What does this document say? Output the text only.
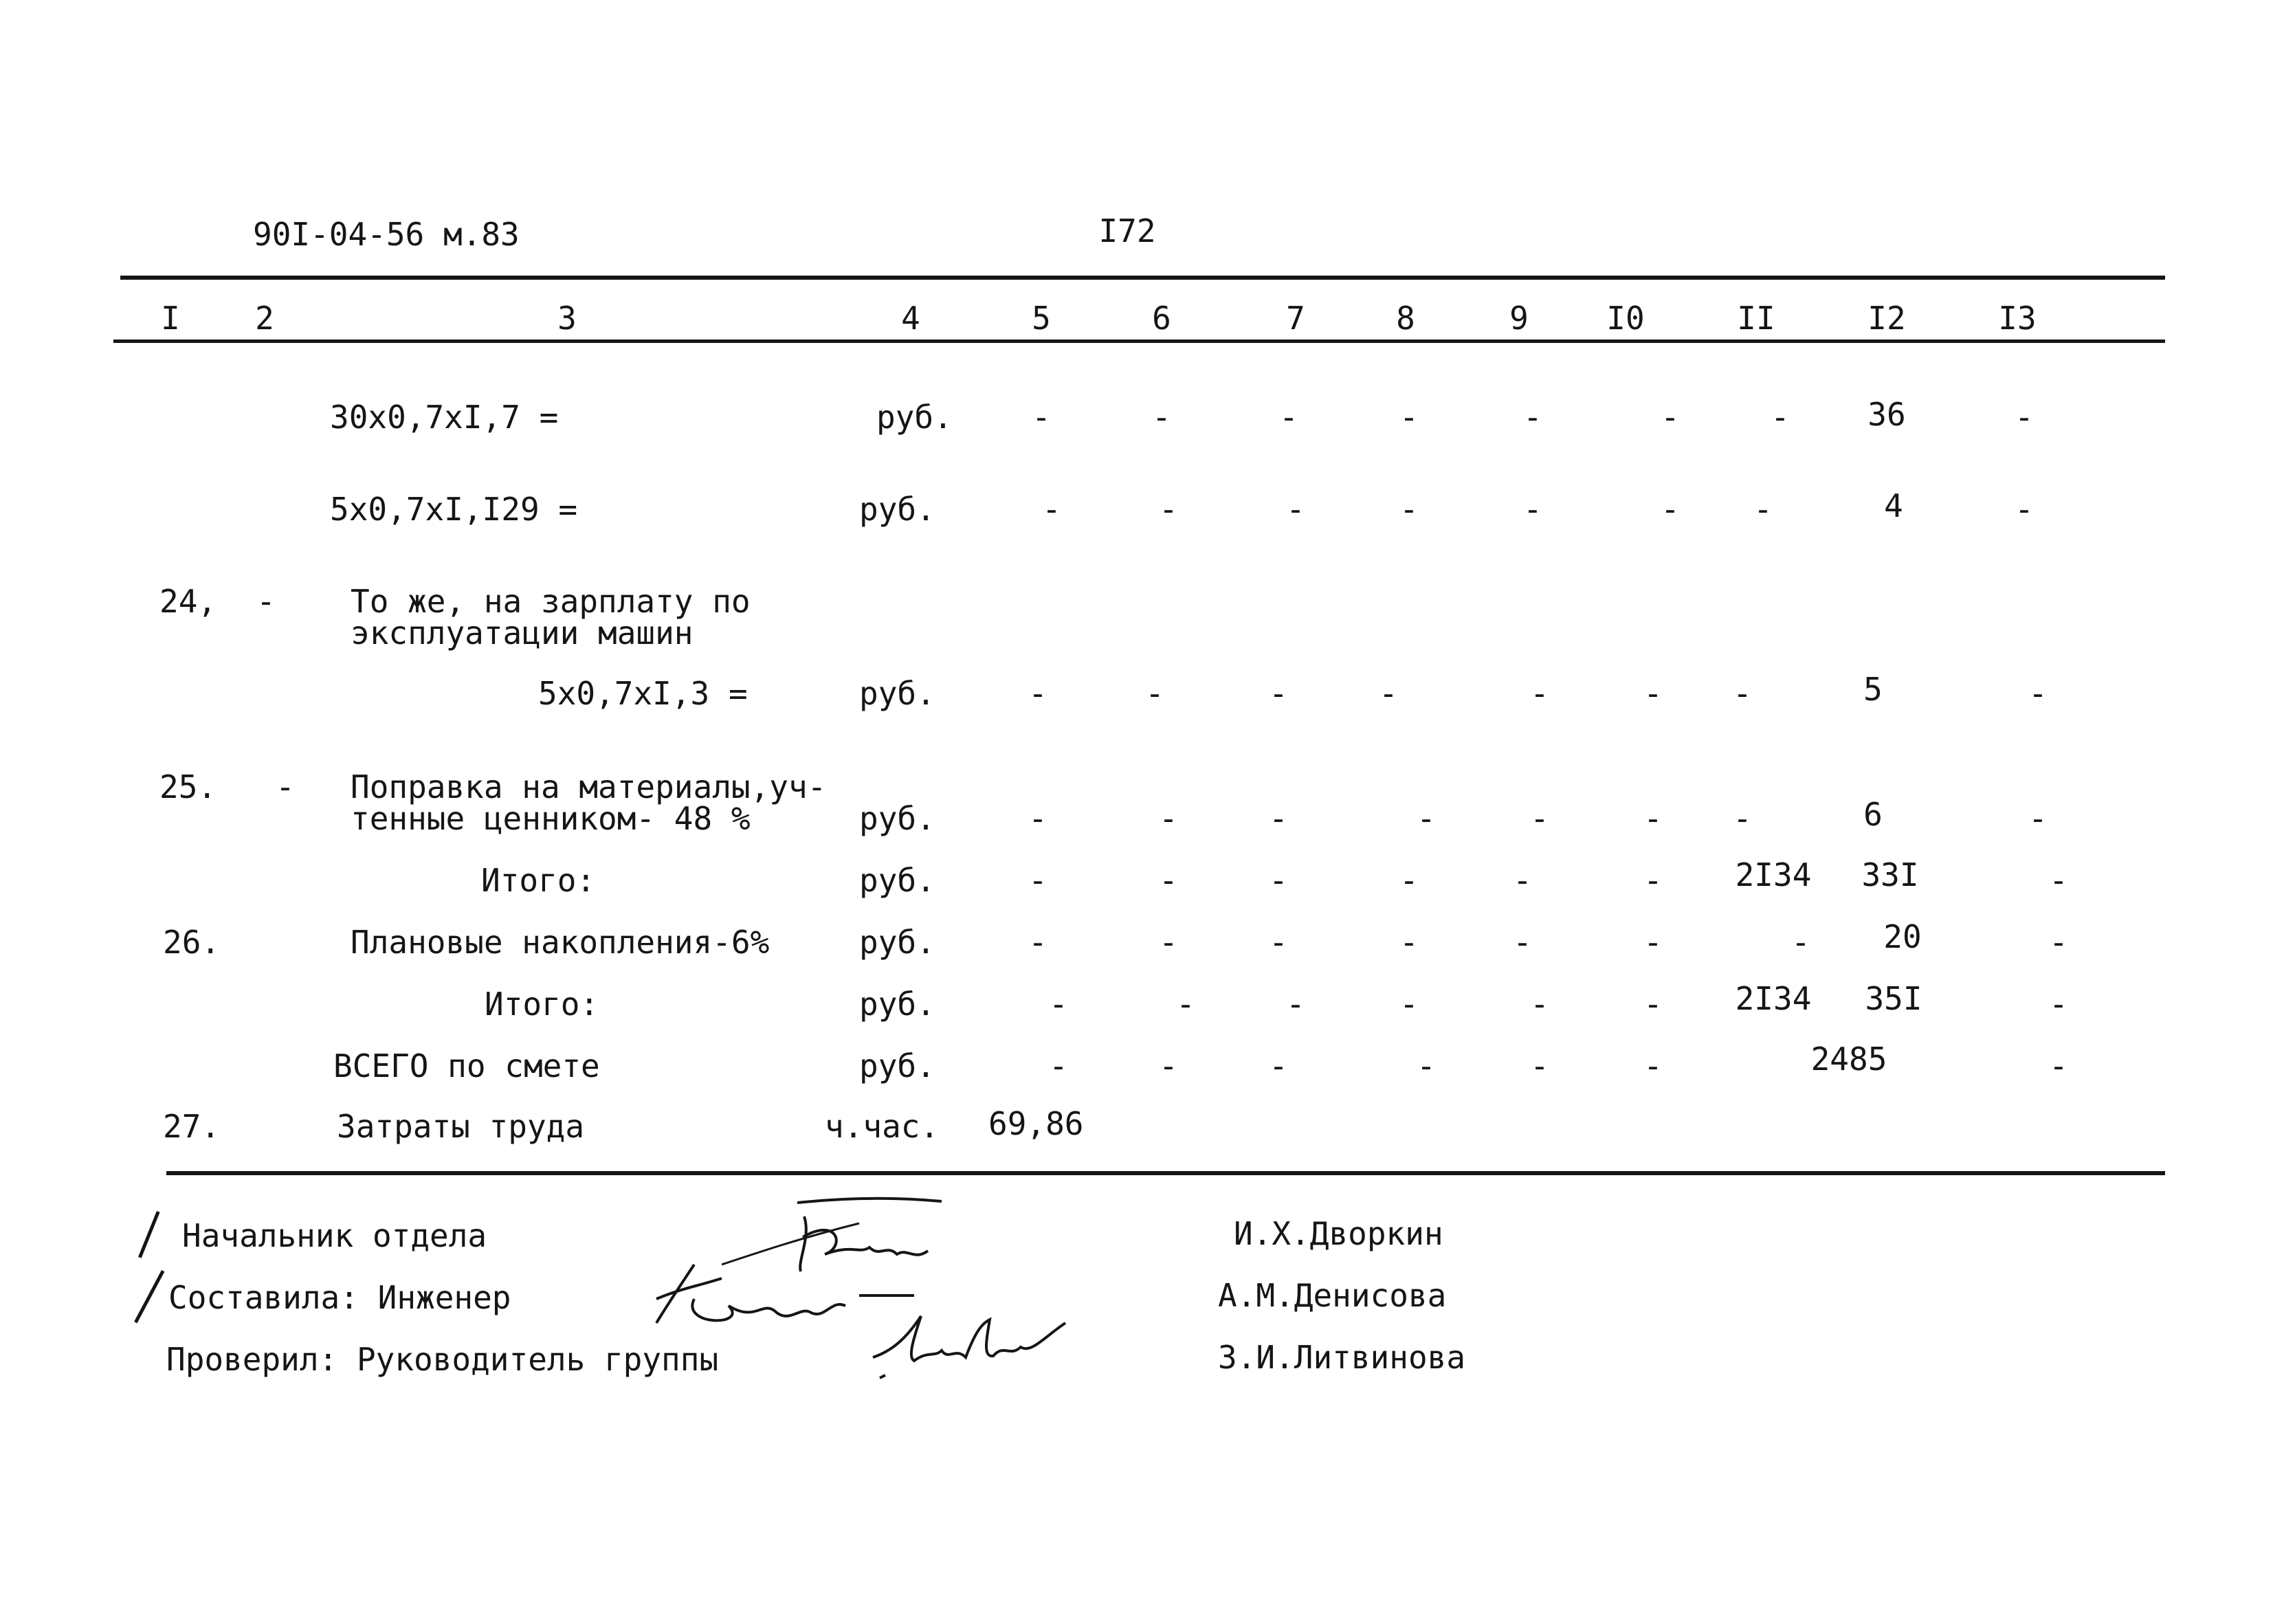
90I-04-56 м.83	I72
I 2	3	4	5	6	7	8	9 I0	II	I2	I3
30x0,7xI,7 =	руб.	-	-	-	-	-	-	- 36	-
5x0,7xI,I29 =	руб.	-	-	-	-	-	- -	4	-
24, - То же, на зарплату по
эксплуатации машин
5x0,7xI,3 =	руб.	-	-	-	-	-	- -	5	-
25. - Поправка на материалы,уч-
тенные ценником- 48 %	руб.	-	-	-	-	-	- -	6	-
Итого:	руб.	-	-	-	-	-	- 2I34 33I	-
26.	Плановые накопления-6%	руб.	-	-	-	-	-	-	- 20	-
Итого:	руб.	-	-	-	-	-	- 2I34 35I	-
ВСЕГО по смете	руб.	-	-	-	-	-	-	2485	-
27.	Затраты труда	ч.час. 69,86
Начальник отдела
Составила: Инженер
Проверил: Руководитель группы
И.Х.Дворкин
А.М.Денисова
З.И.Литвинова
